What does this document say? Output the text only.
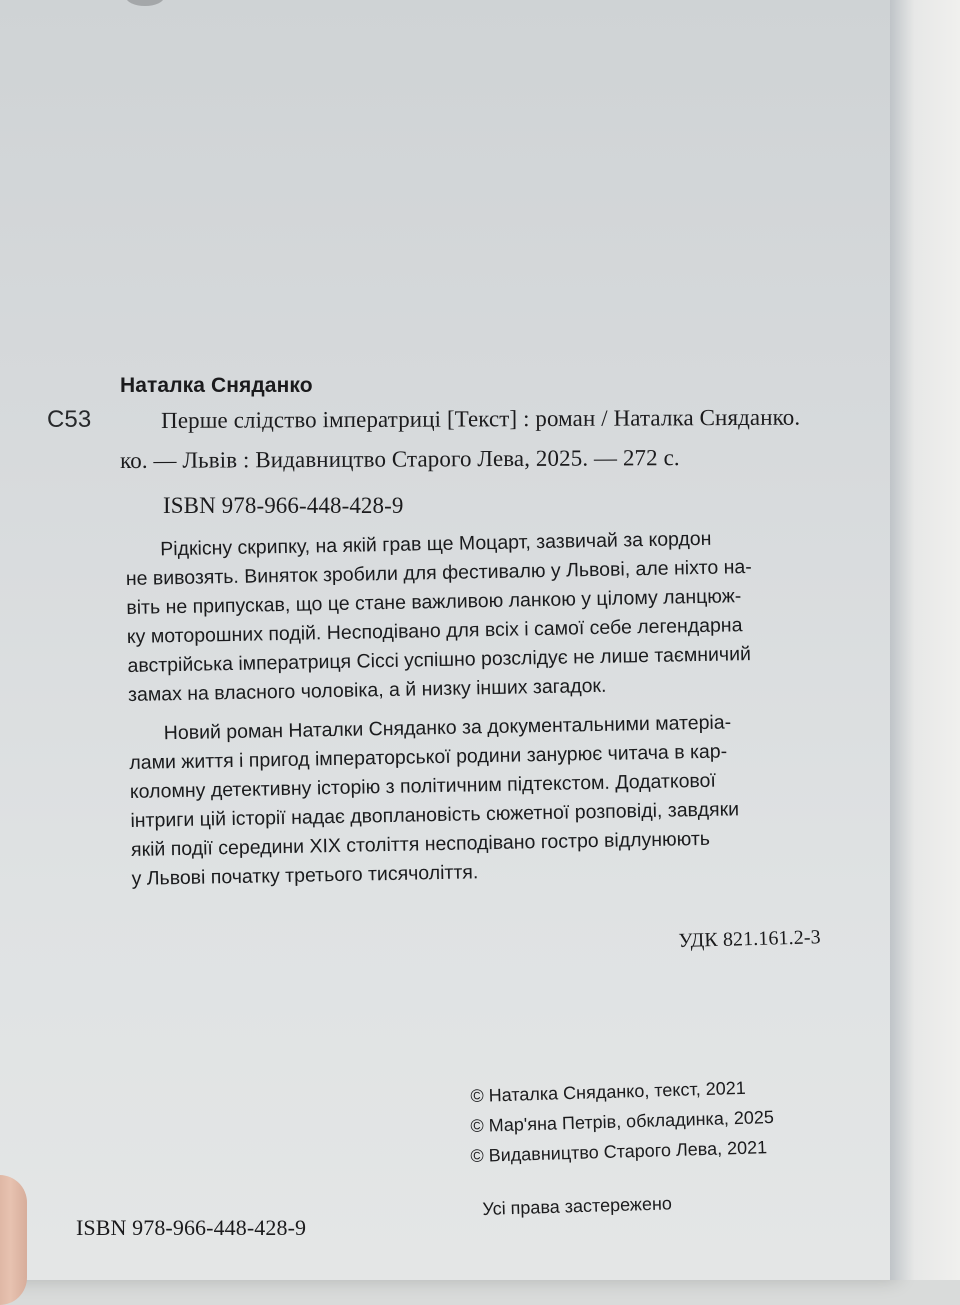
Наталка Сняданко
С53	Перше слідство імператриці [Текст] : роман / Наталка Сняданко.
ко. — Львів : Видавництво Старого Лева, 2025. — 272 с.
ISBN 978-966-448-428-9
Рідкісну скрипку, на якій грав ще Моцарт, зазвичай за кордон
не вивозять. Виняток зробили для фестивалю у Львові, але ніхто на-
віть не припускав, що це стане важливою ланкою у цілому ланцюж-
ку моторошних подій. Несподівано для всіх і самої себе легендарна
австрійська імператриця Сіссі успішно розслідує не лише таємничий
замах на власного чоловіка, а й низку інших загадок.
Новий роман Наталки Сняданко за документальними матеріа-
лами життя і пригод імператорської родини занурює читача в кар-
коломну детективну історію з політичним підтекстом. Додаткової
інтриги цій історії надає двоплановість сюжетної розповіді, завдяки
якій події середини XIX століття несподівано гостро відлунюють
у Львові початку третього тисячоліття.
УДК 821.161.2-3
© Наталка Сняданко, текст, 2021
© Мар'яна Петрів, обкладинка, 2025
© Видавництво Старого Лева, 2021
Усі права застережено
ISBN 978-966-448-428-9
